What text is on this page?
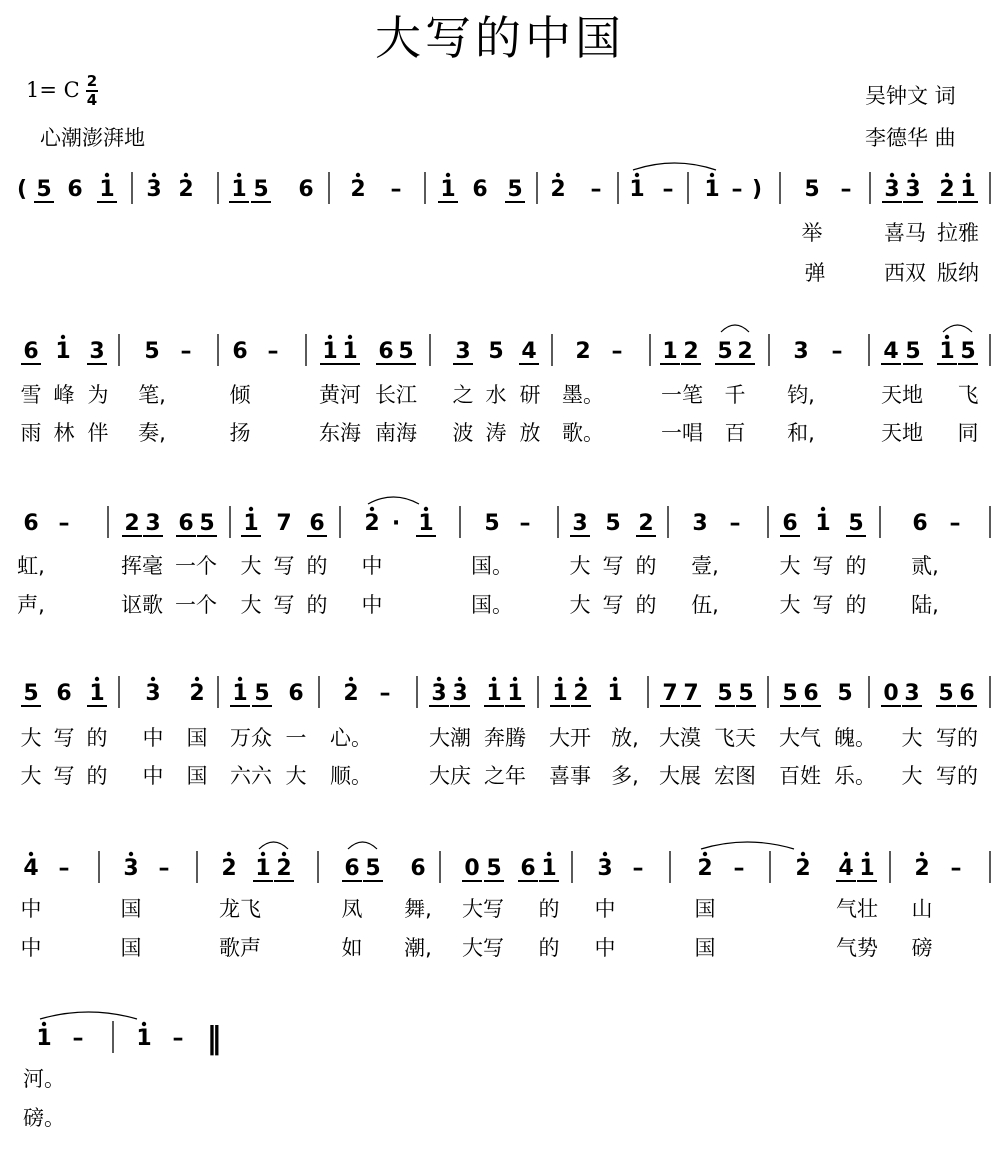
大写的中国
1= C 2
4
心潮澎湃地
吴钟文 词
李德华 曲
( 5 6 1 3 2 1 5 6 2 – 1 6 5 2 – 1 – 1 – ) 5 – 3 3 2 1
举	喜马 拉雅
弹	西双 版纳
6 1 3 5 – 6 – 1 1 6 5 3 5 4 2 – 1 2 5 2 3 – 4 5 1 5
雪 峰 为 笔,	倾	黄河 长江 之 水 研 墨。	一笔 千 钧,	天地 飞
雨 林 伴 奏,	扬	东海 南海 波 涛 放 歌。	一唱 百 和,	天地 同
6 – 2 3 6 5 1 7 6 2 · 1 5 – 3 5 2 3 – 6 1 5 6 –
虹,	挥毫 一个 大 写 的 中	国。	大 写 的 壹,	大 写 的 贰,
声,	讴歌 一个 大 写 的 中	国。	大 写 的 伍,	大 写 的 陆,
5 6 1 3 2 1 5 6 2 – 3 3 1 1 1 2 1 7 7 5 5 5 6 5 0 3 5 6
大 写 的 中 国 万众 一 心。	大潮 奔腾 大开 放, 大漠 飞天 大气 魄。 大 写的
大 写 的 中 国 六六 大 顺。	大庆 之年 喜事 多, 大展 宏图 百姓 乐。 大 写的
4 – 3 – 2 1 2 6 5 6 0 5 6 1 3 – 2 – 2 4 1 2 –
中	国	龙飞	凤 舞, 大写 的 中	国	气壮 山
中	国	歌声	如 潮, 大写 的 中	国	气势 磅
1 – 1 –
河。
磅。
‖
